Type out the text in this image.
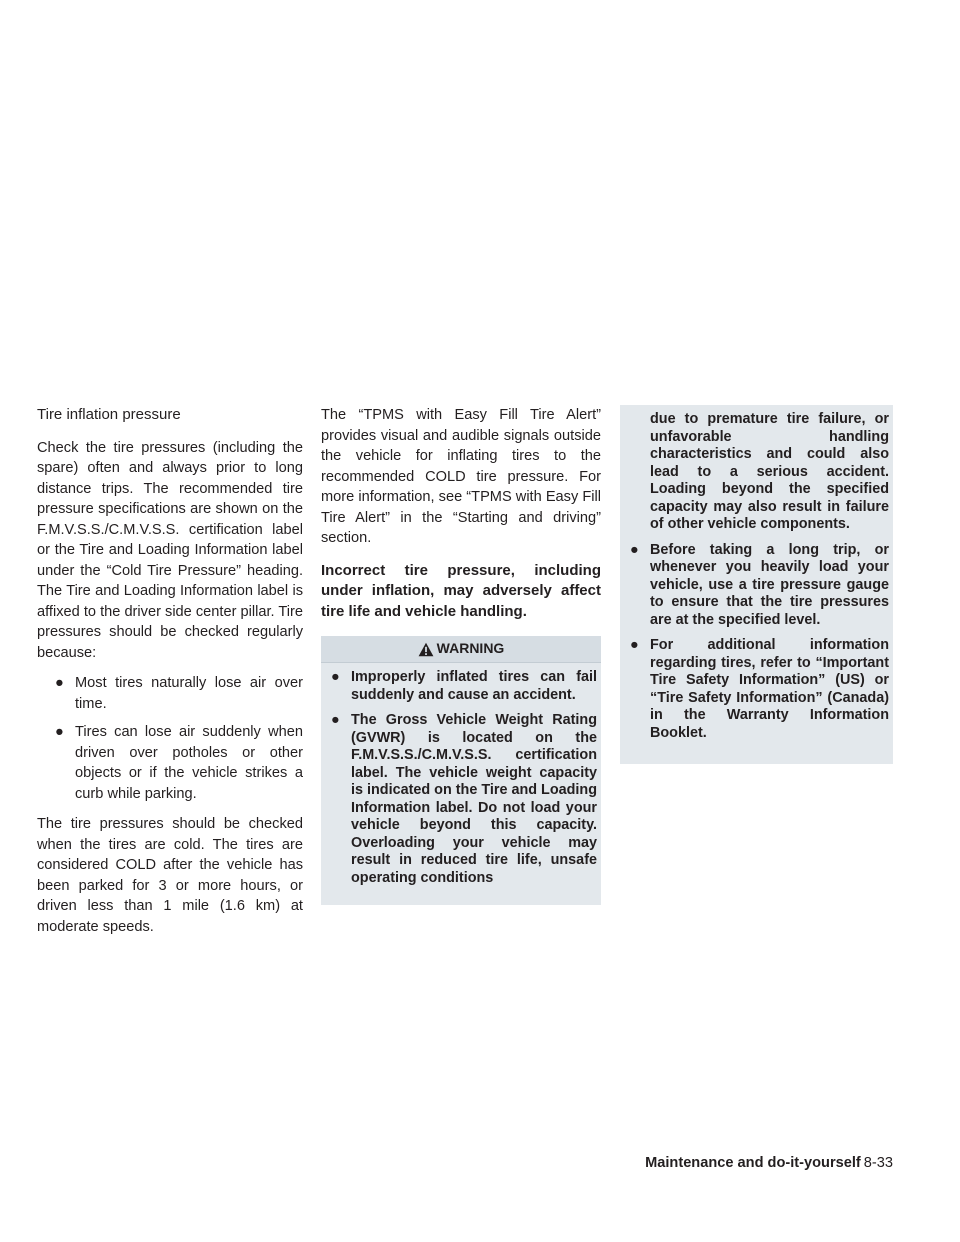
Tire inflation pressure

Check the tire pressures (including the spare) often and always prior to long distance trips. The recommended tire pressure specifications are shown on the F.M.V.S.S./C.M.V.S.S. certification label or the Tire and Loading Information label under the “Cold Tire Pressure” heading. The Tire and Loading Information label is affixed to the driver side center pillar. Tire pressures should be checked regularly because:

● Most tires naturally lose air over time.
● Tires can lose air suddenly when driven over potholes or other objects or if the vehicle strikes a curb while parking.

The tire pressures should be checked when the tires are cold. The tires are considered COLD after the vehicle has been parked for 3 or more hours, or driven less than 1 mile (1.6 km) at moderate speeds.

The “TPMS with Easy Fill Tire Alert” provides visual and audible signals outside the vehicle for inflating tires to the recommended COLD tire pressure. For more information, see “TPMS with Easy Fill Tire Alert” in the “Starting and driving” section.

Incorrect tire pressure, including under inflation, may adversely affect tire life and vehicle handling.

WARNING
● Improperly inflated tires can fail suddenly and cause an accident.
● The Gross Vehicle Weight Rating (GVWR) is located on the F.M.V.S.S./C.M.V.S.S. certification label. The vehicle weight capacity is indicated on the Tire and Loading Information label. Do not load your vehicle beyond this capacity. Overloading your vehicle may result in reduced tire life, unsafe operating conditions
due to premature tire failure, or unfavorable handling characteristics and could also lead to a serious accident. Loading beyond the specified capacity may also result in failure of other vehicle components.
● Before taking a long trip, or whenever you heavily load your vehicle, use a tire pressure gauge to ensure that the tire pressures are at the specified level.
● For additional information regarding tires, refer to “Important Tire Safety Information” (US) or “Tire Safety Information” (Canada) in the Warranty Information Booklet.
Maintenance and do-it-yourself 8-33
